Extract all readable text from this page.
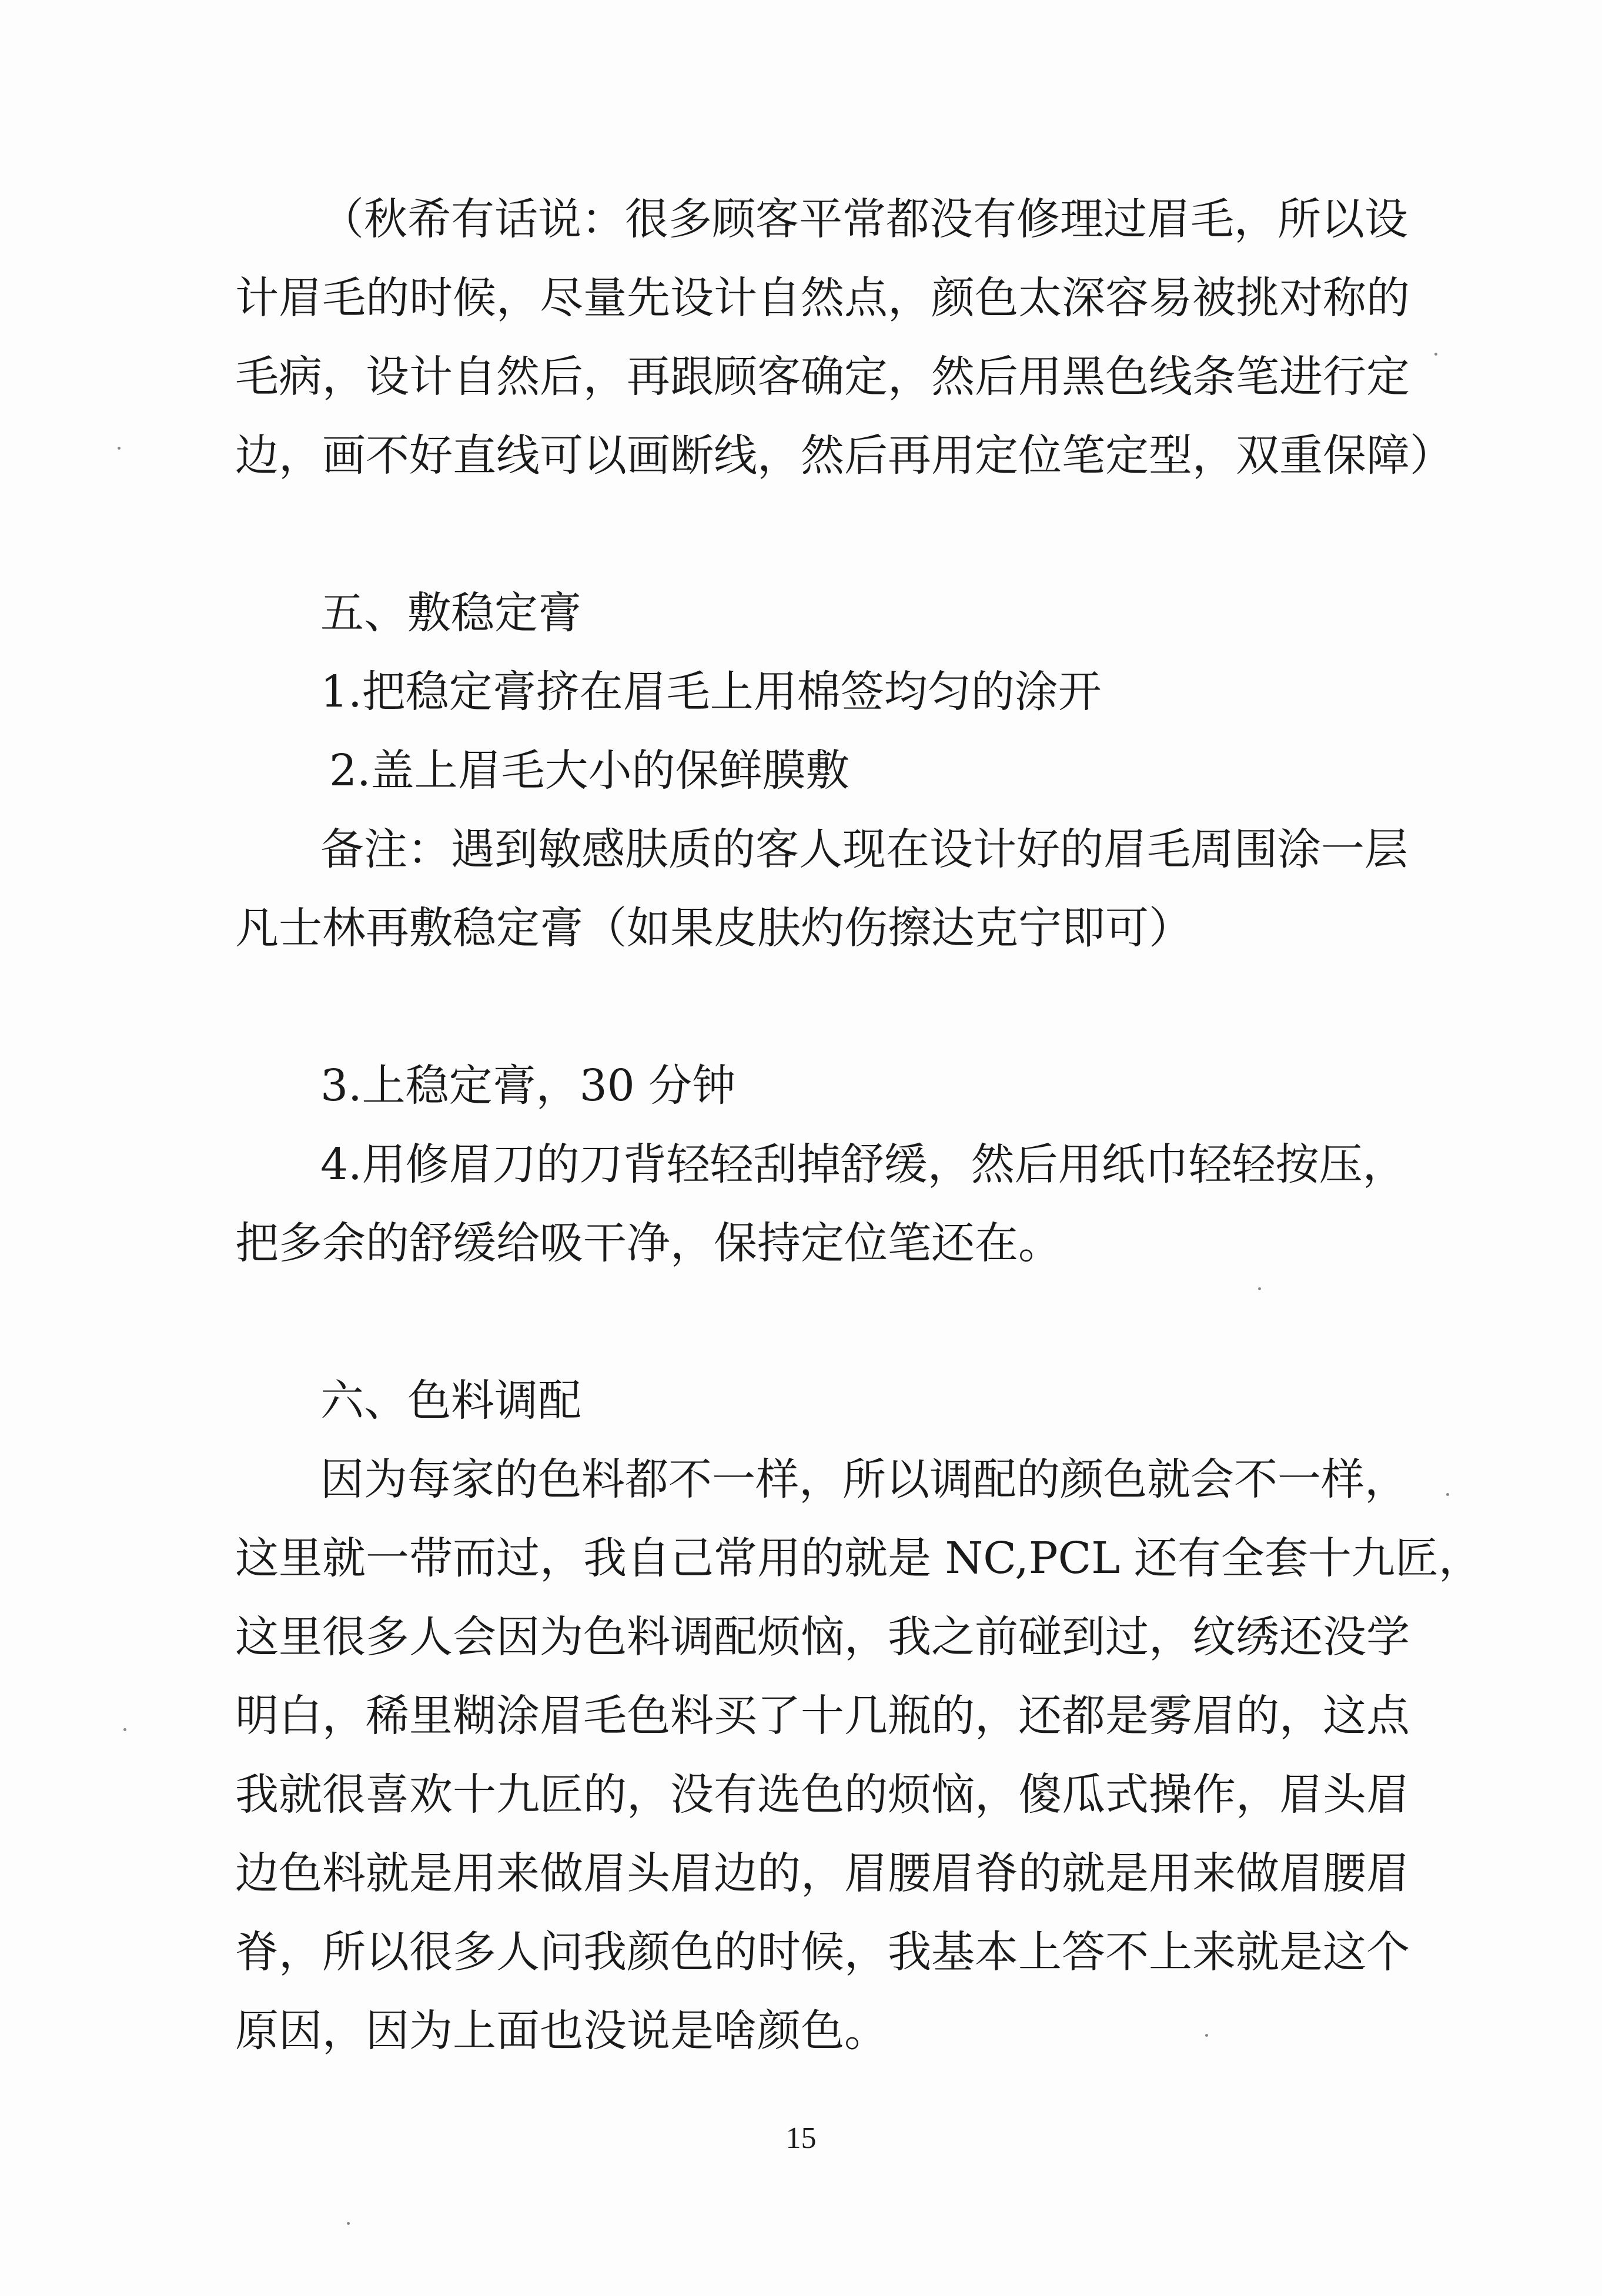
（秋希有话说：很多顾客平常都没有修理过眉毛，所以设
计眉毛的时候，尽量先设计自然点，颜色太深容易被挑对称的
毛病，设计自然后，再跟顾客确定，然后用黑色线条笔进行定
边，画不好直线可以画断线，然后再用定位笔定型，双重保障）
五、敷稳定膏
1.把稳定膏挤在眉毛上用棉签均匀的涂开
2.盖上眉毛大小的保鲜膜敷
备注：遇到敏感肤质的客人现在设计好的眉毛周围涂一层
凡士林再敷稳定膏（如果皮肤灼伤擦达克宁即可）
3.上稳定膏，30 分钟
4.用修眉刀的刀背轻轻刮掉舒缓，然后用纸巾轻轻按压，
把多余的舒缓给吸干净，保持定位笔还在。
六、色料调配
因为每家的色料都不一样，所以调配的颜色就会不一样，
这里就一带而过，我自己常用的就是 NC,PCL 还有全套十九匠，
这里很多人会因为色料调配烦恼，我之前碰到过，纹绣还没学
明白，稀里糊涂眉毛色料买了十几瓶的，还都是雾眉的，这点
我就很喜欢十九匠的，没有选色的烦恼，傻瓜式操作，眉头眉
边色料就是用来做眉头眉边的，眉腰眉脊的就是用来做眉腰眉
脊，所以很多人问我颜色的时候，我基本上答不上来就是这个
原因，因为上面也没说是啥颜色。
15
